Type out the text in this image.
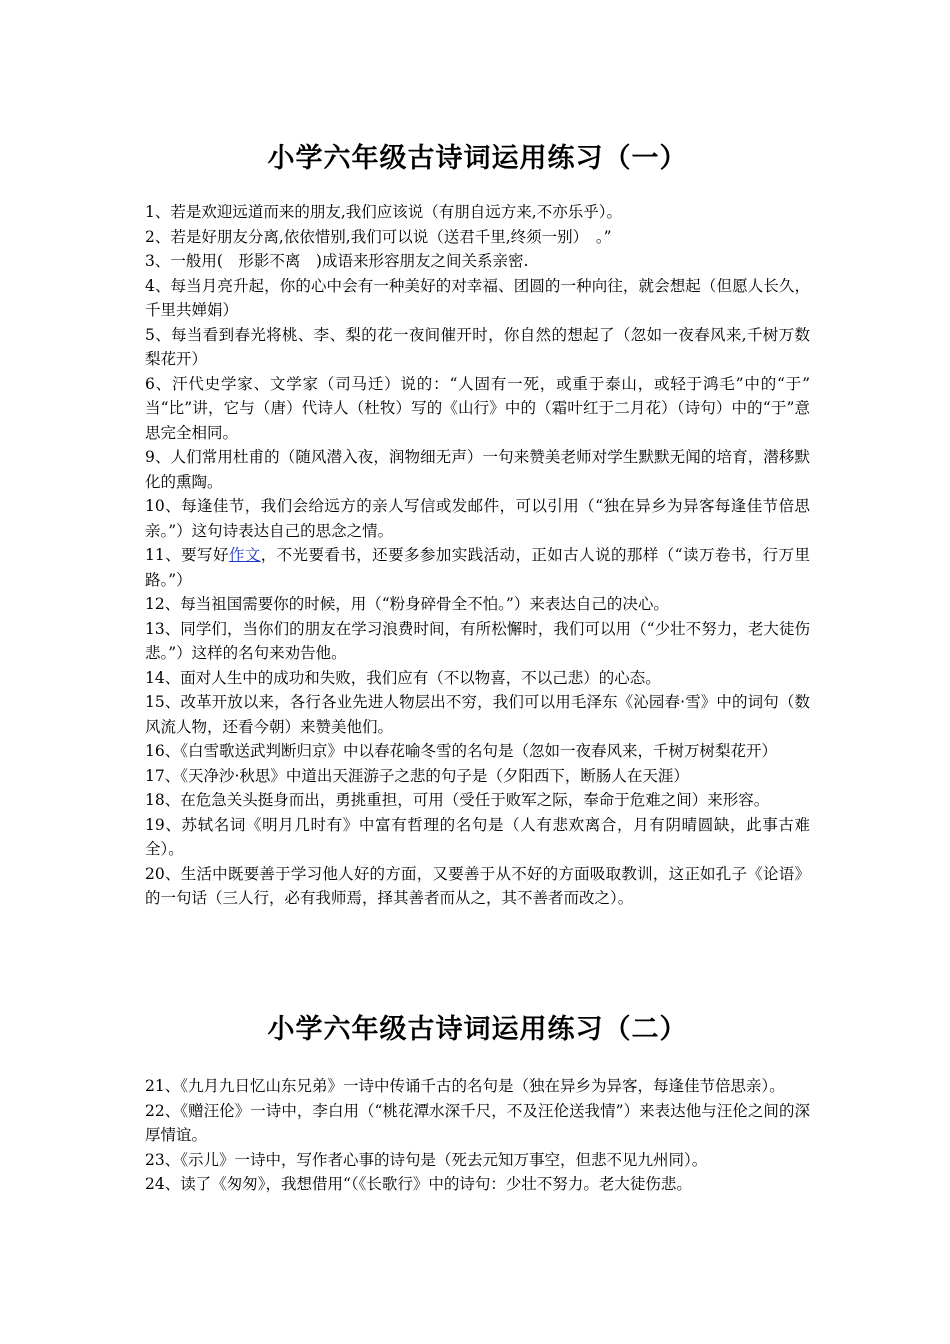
小学六年级古诗词运用练习（一）

1、若是欢迎远道而来的朋友,我们应该说（有朋自远方来,不亦乐乎）。

2、若是好朋友分离,依依惜别,我们可以说（送君千里,终须一别）　。”

3、一般用(　形影不离　)成语来形容朋友之间关系亲密.

4、每当月亮升起，你的心中会有一种美好的对幸福、团圆的一种向往，就会想起（但愿人长久，千里共婵娟）

5、每当看到春光将桃、李、梨的花一夜间催开时，你自然的想起了（忽如一夜春风来,千树万数梨花开）

6、汗代史学家、文学家（司马迁）说的：“人固有一死，或重于泰山，或轻于鸿毛”中的“于”　当“比”讲，它与（唐）代诗人（杜牧）写的《山行》中的（霜叶红于二月花）（诗句）中的“于”意思完全相同。

9、人们常用杜甫的（随风潜入夜，润物细无声）一句来赞美老师对学生默默无闻的培育，潜移默化的熏陶。

10、每逢佳节，我们会给远方的亲人写信或发邮件，可以引用（“独在异乡为异客每逢佳节倍思亲。”）这句诗表达自己的思念之情。

11、要写好作文，不光要看书，还要多参加实践活动，正如古人说的那样（“读万卷书，行万里路。”）

12、每当祖国需要你的时候，用（“粉身碎骨全不怕。”）来表达自己的决心。

13、同学们，当你们的朋友在学习浪费时间，有所松懈时，我们可以用（“少壮不努力，老大徒伤悲。”）这样的名句来劝告他。

14、面对人生中的成功和失败，我们应有（不以物喜，不以己悲）的心态。

15、改革开放以来，各行各业先进人物层出不穷，我们可以用毛泽东《沁园春·雪》中的词句（数风流人物，还看今朝）来赞美他们。

16、《白雪歌送武判断归京》中以春花喻冬雪的名句是（忽如一夜春风来，千树万树梨花开）

17、《天净沙·秋思》中道出天涯游子之悲的句子是（夕阳西下，断肠人在天涯）

18、在危急关头挺身而出，勇挑重担，可用（受任于败军之际，奉命于危难之间）来形容。

19、苏轼名词《明月几时有》中富有哲理的名句是（人有悲欢离合，月有阴晴圆缺，此事古难全）。

20、生活中既要善于学习他人好的方面，又要善于从不好的方面吸取教训，这正如孔子《论语》的一句话（三人行，必有我师焉，择其善者而从之，其不善者而改之）。

小学六年级古诗词运用练习（二）

21、《九月九日忆山东兄弟》一诗中传诵千古的名句是（独在异乡为异客，每逢佳节倍思亲）。

22、《赠汪伦》一诗中，李白用（“桃花潭水深千尺，不及汪伦送我情”）来表达他与汪伦之间的深厚情谊。

23、《示儿》一诗中，写作者心事的诗句是（死去元知万事空，但悲不见九州同）。

24、读了《匆匆》，我想借用“（《长歌行》中的诗句：少壮不努力。老大徒伤悲。
